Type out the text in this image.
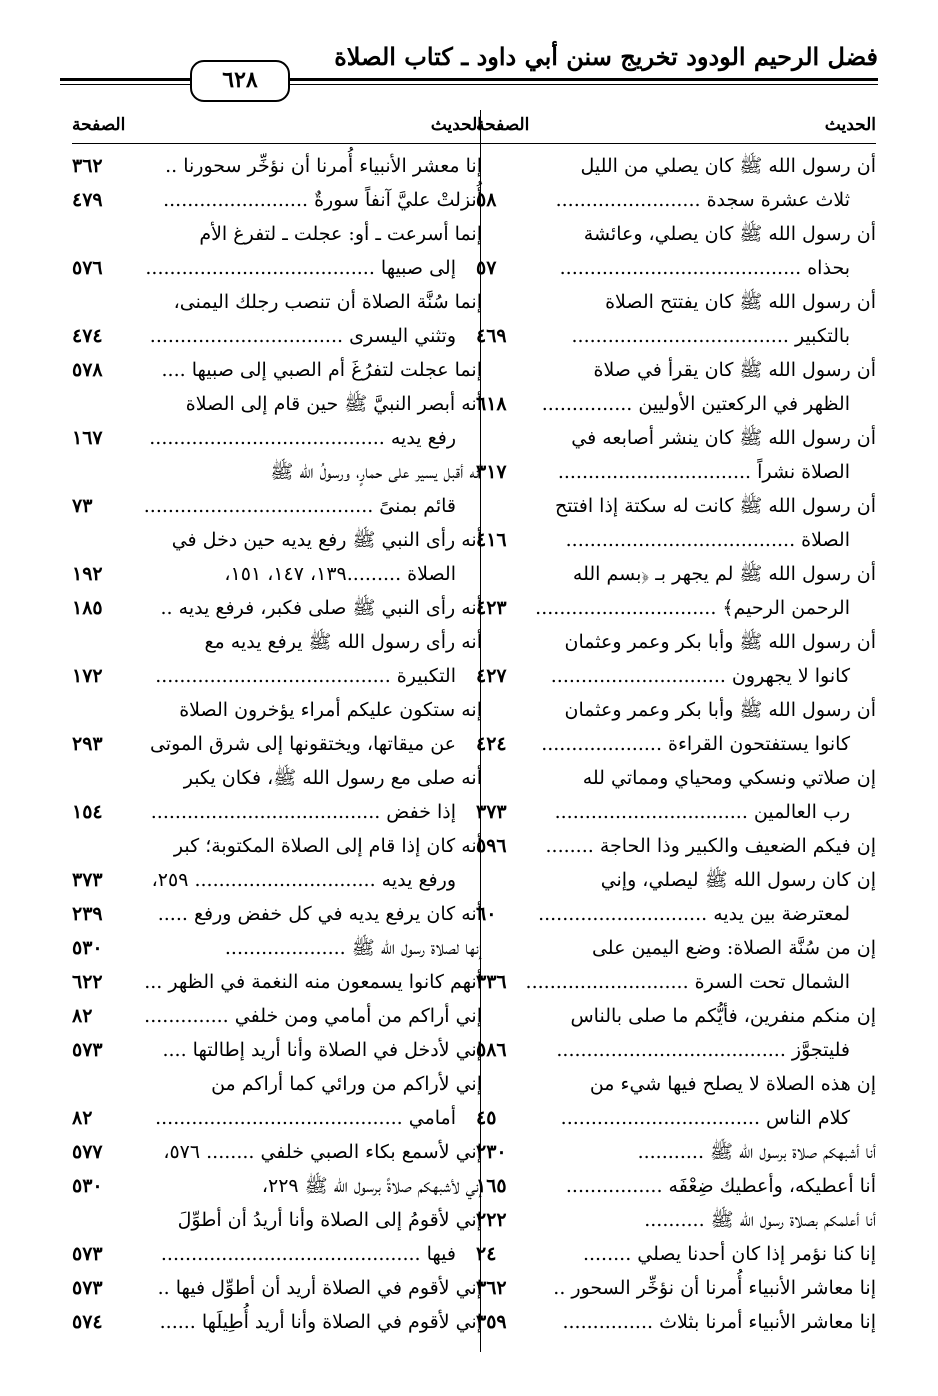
فضل الرحيم الودود تخريج سنن أبي داود ـ كتاب الصلاة
٦٢٨
الحديث
الصفحة
أن رسول الله ﷺ كان يصلي من الليل
ثلاث عشرة سجدة ........................
٥٨
أن رسول الله ﷺ كان يصلي، وعائشة
بحذاه ........................................
٥٧
أن رسول الله ﷺ كان يفتتح الصلاة
بالتكبير ....................................
٤٦٩
أن رسول الله ﷺ كان يقرأ في صلاة
الظهر في الركعتين الأوليين ...............
٦١٨
أن رسول الله ﷺ كان ينشر أصابعه في
الصلاة نشراً ................................
٣١٧
أن رسول الله ﷺ كانت له سكتة إذا افتتح
الصلاة ......................................
٤١٦
أن رسول الله ﷺ لم يجهر بـ ﴿بسم الله
الرحمن الرحيم﴾ ..............................
٤٢٣
أن رسول الله ﷺ وأبا بكر وعمر وعثمان
كانوا لا يجهرون .............................
٤٢٧
أن رسول الله ﷺ وأبا بكر وعمر وعثمان
كانوا يستفتحون القراءة ....................
٤٢٤
إن صلاتي ونسكي ومحياي ومماتي لله
رب العالمين ................................
٣٧٣
إن فيكم الضعيف والكبير وذا الحاجة ........
٥٩٦
إن كان رسول الله ﷺ ليصلي، وإني
لمعترضة بين يديه ............................
٦٠
إن من سُنَّة الصلاة: وضع اليمين على
الشمال تحت السرة ...........................
٣٣٦
إن منكم منفرين، فأيُّكم ما صلى بالناس
فليتجوَّز ......................................
٥٨٦
إن هذه الصلاة لا يصلح فيها شيء من
كلام الناس .................................
٤٥
أنا أشبهكم صلاة برسول الله ﷺ ...........
٢٣٠
أنا أعطيكه، وأعطيك ضِعْفَه ................
١٦٥
أنا أعلمكم بصلاة رسول الله ﷺ ..........
٢٢٢
إنا كنا نؤمر إذا كان أحدنا يصلي ........
٢٤
إنا معاشر الأنبياء أُمرنا أن نؤخِّر السحور ..
٣٦٢
إنا معاشر الأنبياء أمرنا بثلاث ...............
٣٥٩
الحديث
الصفحة
إنا معشر الأنبياء أُمرنا أن نؤخِّر سحورنا ..
٣٦٢
أُنزلتْ عليَّ آنفاً سورةٌ ........................
٤٧٩
إنما أسرعت ـ أو: عجلت ـ لتفرغ الأم
إلى صبيها ......................................
٥٧٦
إنما سُنَّة الصلاة أن تنصب رجلك اليمنى،
وتثني اليسرى ................................
٤٧٤
إنما عجلت لتفرُغَ أم الصبي إلى صبيها ....
٥٧٨
أنه أبصر النبيَّ ﷺ حين قام إلى الصلاة
رفع يديه .......................................
١٦٧
أنه أقبل يسير على حمارٍ، ورسولُ الله ﷺ
قائم بمنىً ......................................
٧٣
أنه رأى النبي ﷺ رفع يديه حين دخل في
الصلاة .........١٣٩، ١٤٧، ١٥١،
١٩٢
أنه رأى النبي ﷺ صلى فكبر، فرفع يديه ..
١٨٥
أنه رأى رسول الله ﷺ يرفع يديه مع
التكبيرة .......................................
١٧٢
إنه ستكون عليكم أمراء يؤخرون الصلاة
عن ميقاتها، ويختقونها إلى شرق الموتى
٢٩٣
أنه صلى مع رسول الله ﷺ، فكان يكبر
إذا خفض ......................................
١٥٤
أنه كان إذا قام إلى الصلاة المكتوبة؛ كبر
ورفع يديه .............................. ٢٥٩،
٣٧٣
أنه كان يرفع يديه في كل خفض ورفع .....
٢٣٩
إنها لصلاة رسول الله ﷺ ....................
٥٣٠
أنهم كانوا يسمعون منه النغمة في الظهر ...
٦٢٢
إني أراكم من أمامي ومن خلفي ..............
٨٢
إني لأدخل في الصلاة وأنا أريد إطالتها ....
٥٧٣
إني لأراكم من ورائي كما أراكم من
أمامي .........................................
٨٢
إني لأسمع بكاء الصبي خلفي ........ ٥٧٦،
٥٧٧
إني لأشبهكم صلاةً برسول الله ﷺ ٢٢٩،
٥٣٠
إني لأقومُ إلى الصلاة وأنا أريدُ أن أطوِّلَ
فيها ...........................................
٥٧٣
إني لأقوم في الصلاة أريد أن أطوِّل فيها ..
٥٧٣
إني لأقوم في الصلاة وأنا أريد أُطِيلَها ......
٥٧٤
